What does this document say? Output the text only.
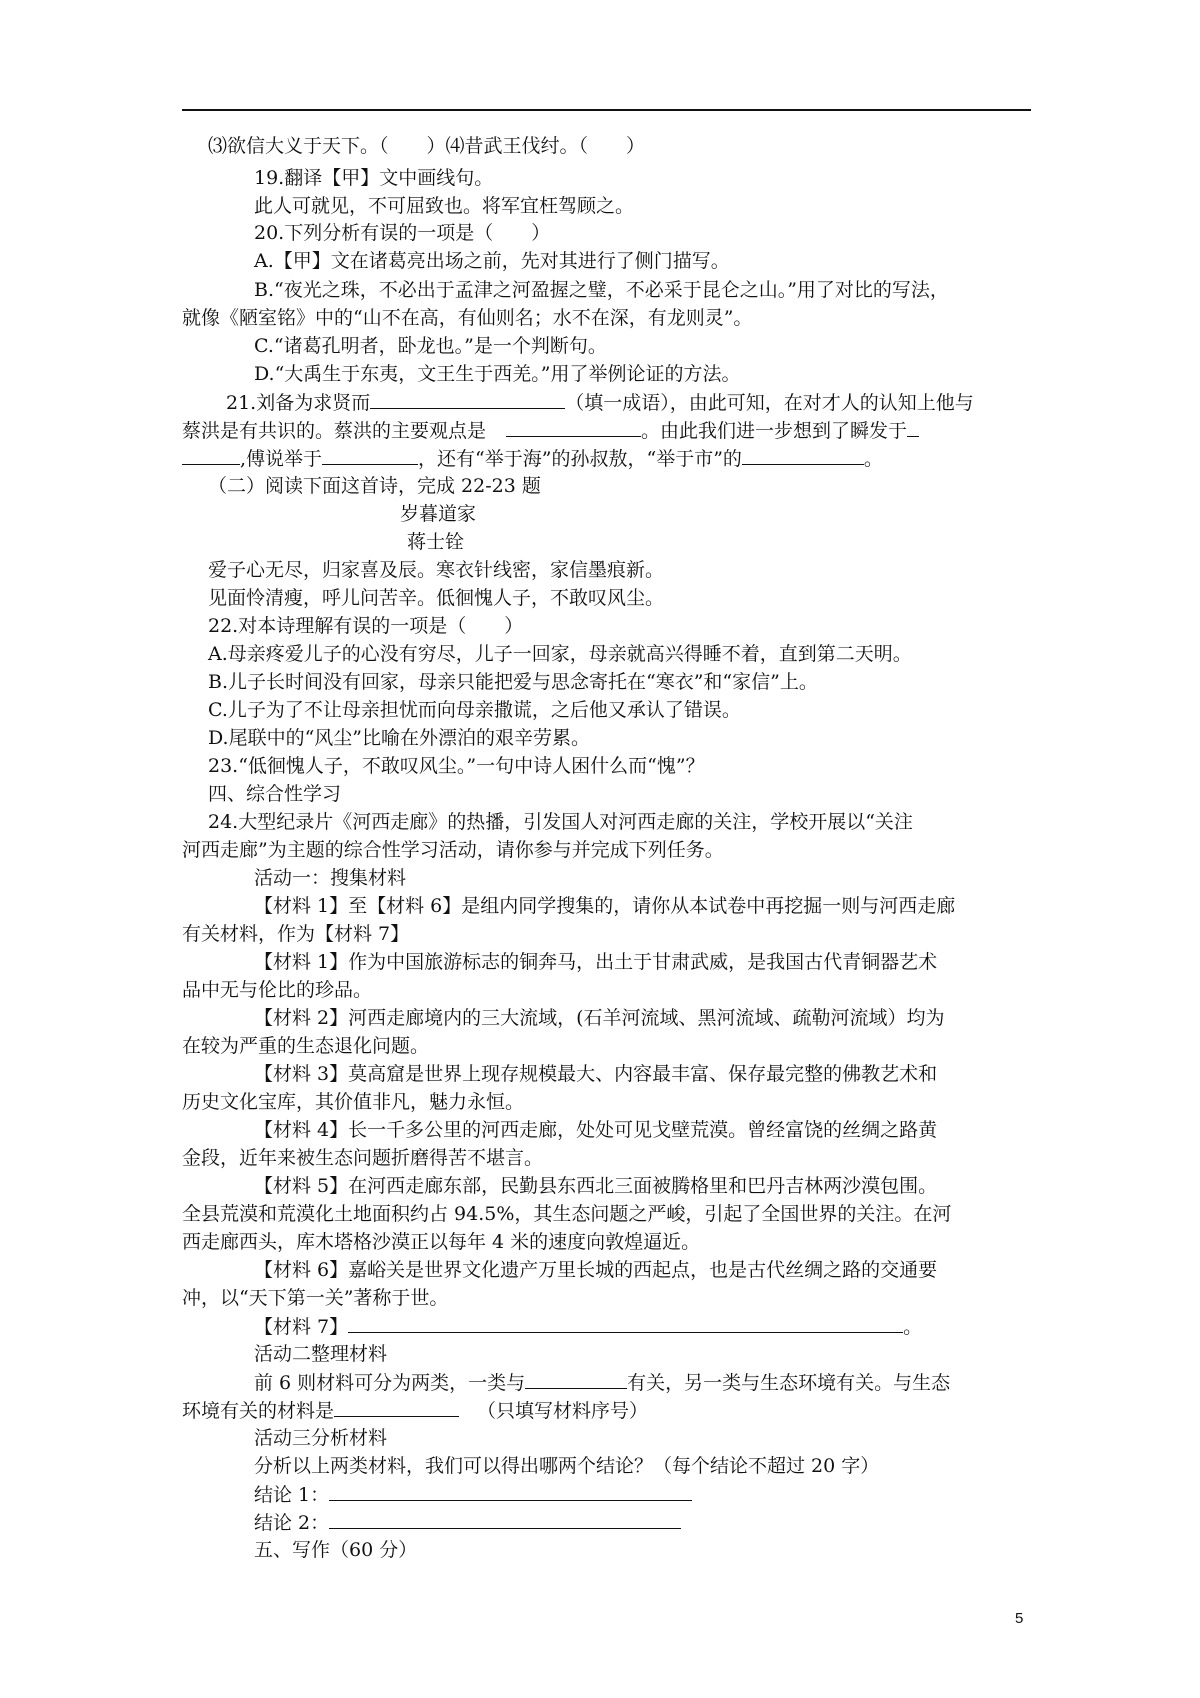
⑶欲信大义于天下。（　　）⑷昔武王伐纣。（　　）
19.翻译【甲】文中画线句。
此人可就见，不可屈致也。将军宜枉驾顾之。
20.下列分析有误的一项是（　　）
A.【甲】文在诸葛亮出场之前，先对其进行了侧门描写。
B.“夜光之珠，不必出于孟津之河盈握之璧，不必采于昆仑之山。”用了对比的写法，
就像《陋室铭》中的“山不在高，有仙则名；水不在深，有龙则灵”。
C.“诸葛孔明者，卧龙也。”是一个判断句。
D.“大禹生于东夷，文王生于西羌。”用了举例论证的方法。
21.刘备为求贤而	（填一成语），由此可知，在对才人的认知上他与
蔡洪是有共识的。蔡洪的主要观点是	。由此我们进一步想到了瞬发于
,傅说举于	，还有“举于海”的孙叔敖，“举于市”的	。
（二）阅读下面这首诗，完成 22-23 题
岁暮道家
蒋士铨
爱子心无尽，归家喜及辰。寒衣针线密，家信墨痕新。
见面怜清瘦，呼儿问苦辛。低徊愧人子，不敢叹风尘。
22.对本诗理解有误的一项是（　　）
A.母亲疼爱儿子的心没有穷尽，儿子一回家，母亲就高兴得睡不着，直到第二天明。
B.儿子长时间没有回家，母亲只能把爱与思念寄托在“寒衣”和“家信”上。
C.儿子为了不让母亲担忧而向母亲撒谎，之后他又承认了错误。
D.尾联中的“风尘”比喻在外漂泊的艰辛劳累。
23.“低徊愧人子，不敢叹风尘。”一句中诗人困什么而“愧”？
四、综合性学习
24.大型纪录片《河西走廊》的热播，引发国人对河西走廊的关注，学校开展以“关注
河西走廊”为主题的综合性学习活动，请你参与并完成下列任务。
活动一：搜集材料
【材料 1】至【材料 6】是组内同学搜集的，请你从本试卷中再挖掘一则与河西走廊
有关材料，作为【材料 7】
【材料 1】作为中国旅游标志的铜奔马，出土于甘肃武威，是我国古代青铜器艺术
品中无与伦比的珍品。
【材料 2】河西走廊境内的三大流域，(石羊河流域、黑河流域、疏勒河流域）均为
在较为严重的生态退化问题。
【材料 3】莫高窟是世界上现存规模最大、内容最丰富、保存最完整的佛教艺术和
历史文化宝库，其价值非凡，魅力永恒。
【材料 4】长一千多公里的河西走廊，处处可见戈壁荒漠。曾经富饶的丝绸之路黄
金段，近年来被生态问题折磨得苦不堪言。
【材料 5】在河西走廊东部，民勤县东西北三面被腾格里和巴丹吉林两沙漠包围。
全县荒漠和荒漠化土地面积约占 94.5%，其生态问题之严峻，引起了全国世界的关注。在河
西走廊西头，库木塔格沙漠正以每年 4 米的速度向敦煌逼近。
【材料 6】嘉峪关是世界文化遗产万里长城的西起点，也是古代丝绸之路的交通要
冲，以“天下第一关”著称于世。
【材料 7】	。
活动二整理材料
前 6 则材料可分为两类，一类与	有关，另一类与生态环境有关。与生态
环境有关的材料是	（只填写材料序号）
活动三分析材料
分析以上两类材料，我们可以得出哪两个结论？（每个结论不超过 20 字）
结论 1：
结论 2：
五、写作（60 分）
5
